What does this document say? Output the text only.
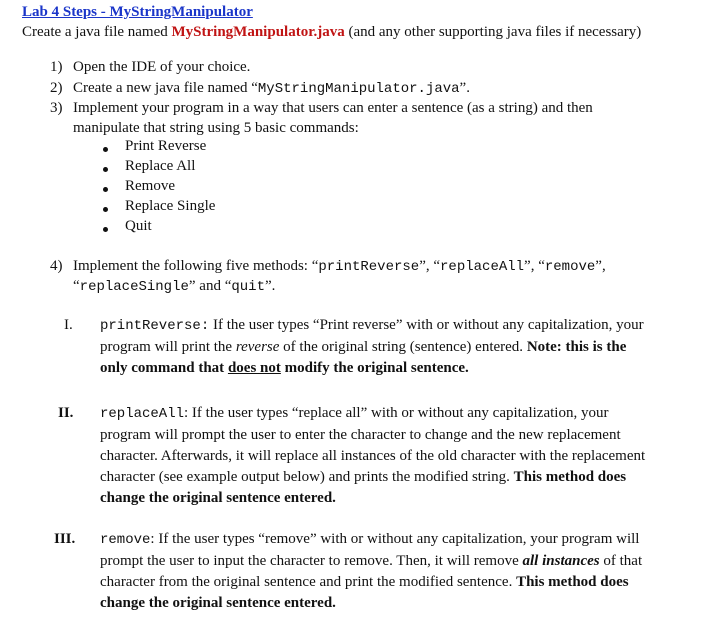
Lab 4 Steps - MyStringManipulator
Create a java file named MyStringManipulator.java (and any other supporting java files if necessary)
1) Open the IDE of your choice.
2) Create a new java file named “MyStringManipulator.java”.
3) Implement your program in a way that users can enter a sentence (as a string) and then
manipulate that string using 5 basic commands:
Print Reverse
Replace All
Remove
Replace Single
Quit
4) Implement the following five methods: “printReverse”, “replaceAll”, “remove”,
“replaceSingle” and “quit”.
I. printReverse: If the user types “Print reverse” with or without any capitalization, your
program will print the reverse of the original string (sentence) entered. Note: this is the
only command that does not modify the original sentence.
II. replaceAll: If the user types “replace all” with or without any capitalization, your
program will prompt the user to enter the character to change and the new replacement
character. Afterwards, it will replace all instances of the old character with the replacement
character (see example output below) and prints the modified string. This method does
change the original sentence entered.
III. remove: If the user types “remove” with or without any capitalization, your program will
prompt the user to input the character to remove. Then, it will remove all instances of that
character from the original sentence and print the modified sentence. This method does
change the original sentence entered.
